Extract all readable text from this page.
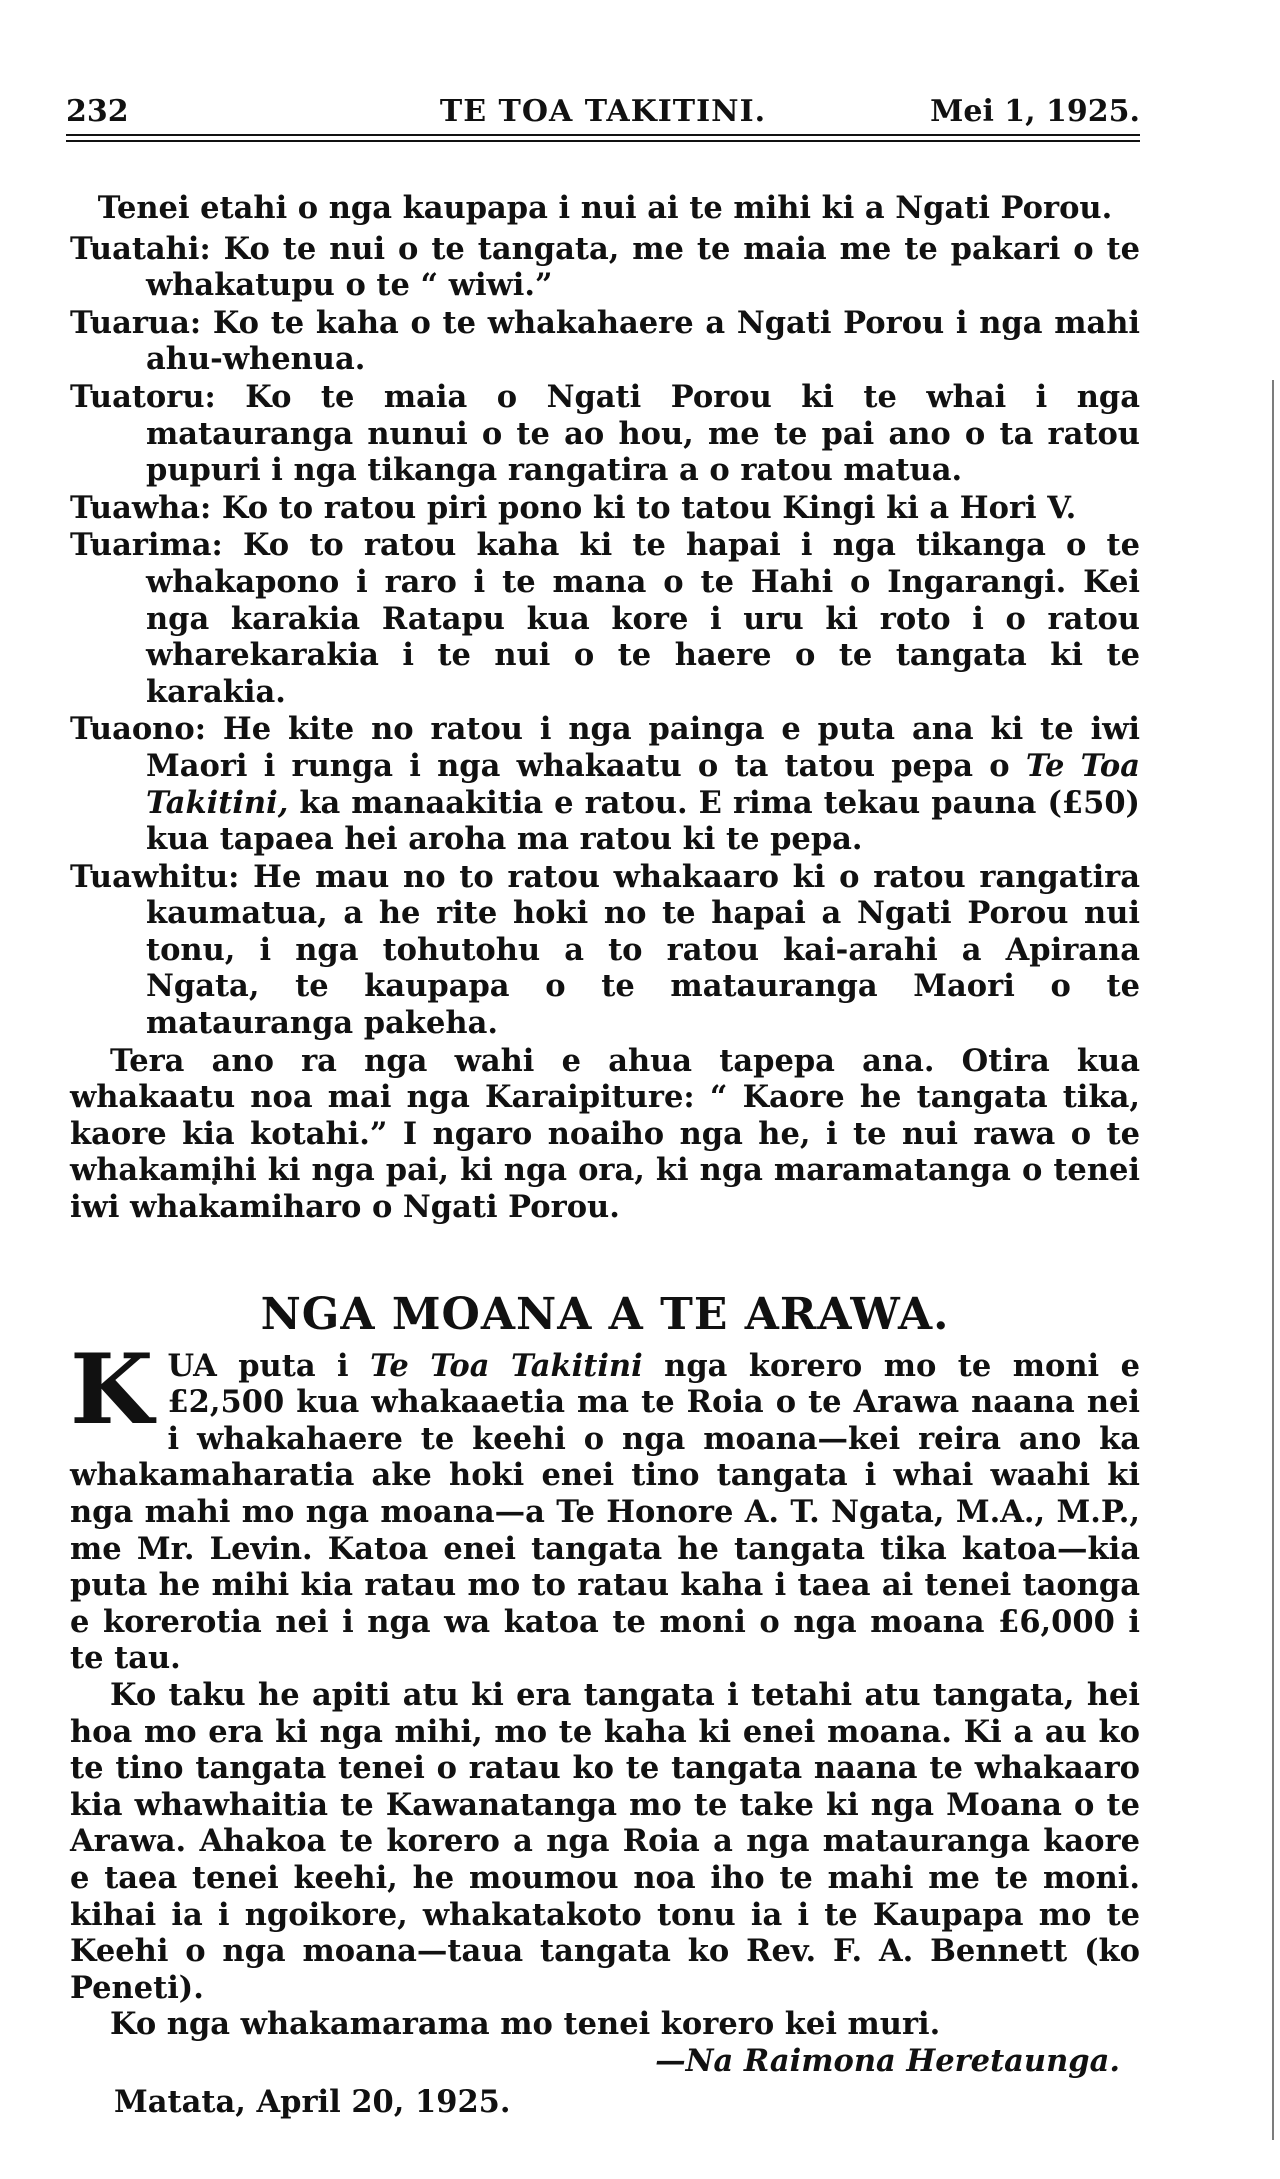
232	TE TOA TAKITINI.	Mei 1, 1925.

Tenei etahi o nga kaupapa i nui ai te mihi ki a Ngati Porou.

Tuatahi: Ko te nui o te tangata, me te maia me te pakari o te whakatupu o te “ wiwi.”

Tuarua: Ko te kaha o te whakahaere a Ngati Porou i nga mahi ahu-whenua.

Tuatoru: Ko te maia o Ngati Porou ki te whai i nga matauranga nunui o te ao hou, me te pai ano o ta ratou pupuri i nga tikanga rangatira a o ratou matua.

Tuawha: Ko to ratou piri pono ki to tatou Kingi ki a Hori V.

Tuarima: Ko to ratou kaha ki te hapai i nga tikanga o te whakapono i raro i te mana o te Hahi o Ingarangi. Kei nga karakia Ratapu kua kore i uru ki roto i o ratou wharekarakia i te nui o te haere o te tangata ki te karakia.

Tuaono: He kite no ratou i nga painga e puta ana ki te iwi Maori i runga i nga whakaatu o ta tatou pepa o Te Toa Takitini, ka manaakitia e ratou. E rima tekau pauna (£50) kua tapaea hei aroha ma ratou ki te pepa.

Tuawhitu: He mau no to ratou whakaaro ki o ratou rangatira kaumatua, a he rite hoki no te hapai a Ngati Porou nui tonu, i nga tohutohu a to ratou kai-arahi a Apirana Ngata, te kaupapa o te matauranga Maori o te matauranga pakeha.

Tera ano ra nga wahi e ahua tapepa ana. Otira kua whakaatu noa mai nga Karaipiture: “ Kaore he tangata tika, kaore kia kotahi.” I ngaro noaiho nga he, i te nui rawa o te whakamihi ki nga pai, ki nga ora, ki nga maramatanga o tenei iwi whakamiharo o Ngati Porou.

NGA MOANA A TE ARAWA.

KUA puta i Te Toa Takitini nga korero mo te moni e £2,500 kua whakaaetia ma te Roia o te Arawa naana nei i whakahaere te keehi o nga moana—kei reira ano ka whakamaharatia ake hoki enei tino tangata i whai waahi ki nga mahi mo nga moana—a Te Honore A. T. Ngata, M.A., M.P., me Mr. Levin. Katoa enei tangata he tangata tika katoa—kia puta he mihi kia ratau mo to ratau kaha i taea ai tenei taonga e korerotia nei i nga wa katoa te moni o nga moana £6,000 i te tau.

Ko taku he apiti atu ki era tangata i tetahi atu tangata, hei hoa mo era ki nga mihi, mo te kaha ki enei moana. Ki a au ko te tino tangata tenei o ratau ko te tangata naana te whakaaro kia whawhaitia te Kawanatanga mo te take ki nga Moana o te Arawa. Ahakoa te korero a nga Roia a nga matauranga kaore e taea tenei keehi, he moumou noa iho te mahi me te moni. kihai ia i ngoikore, whakatakoto tonu ia i te Kaupapa mo te Keehi o nga moana—taua tangata ko Rev. F. A. Bennett (ko Peneti).

Ko nga whakamarama mo tenei korero kei muri.

—Na Raimona Heretaunga.

Matata, April 20, 1925.
